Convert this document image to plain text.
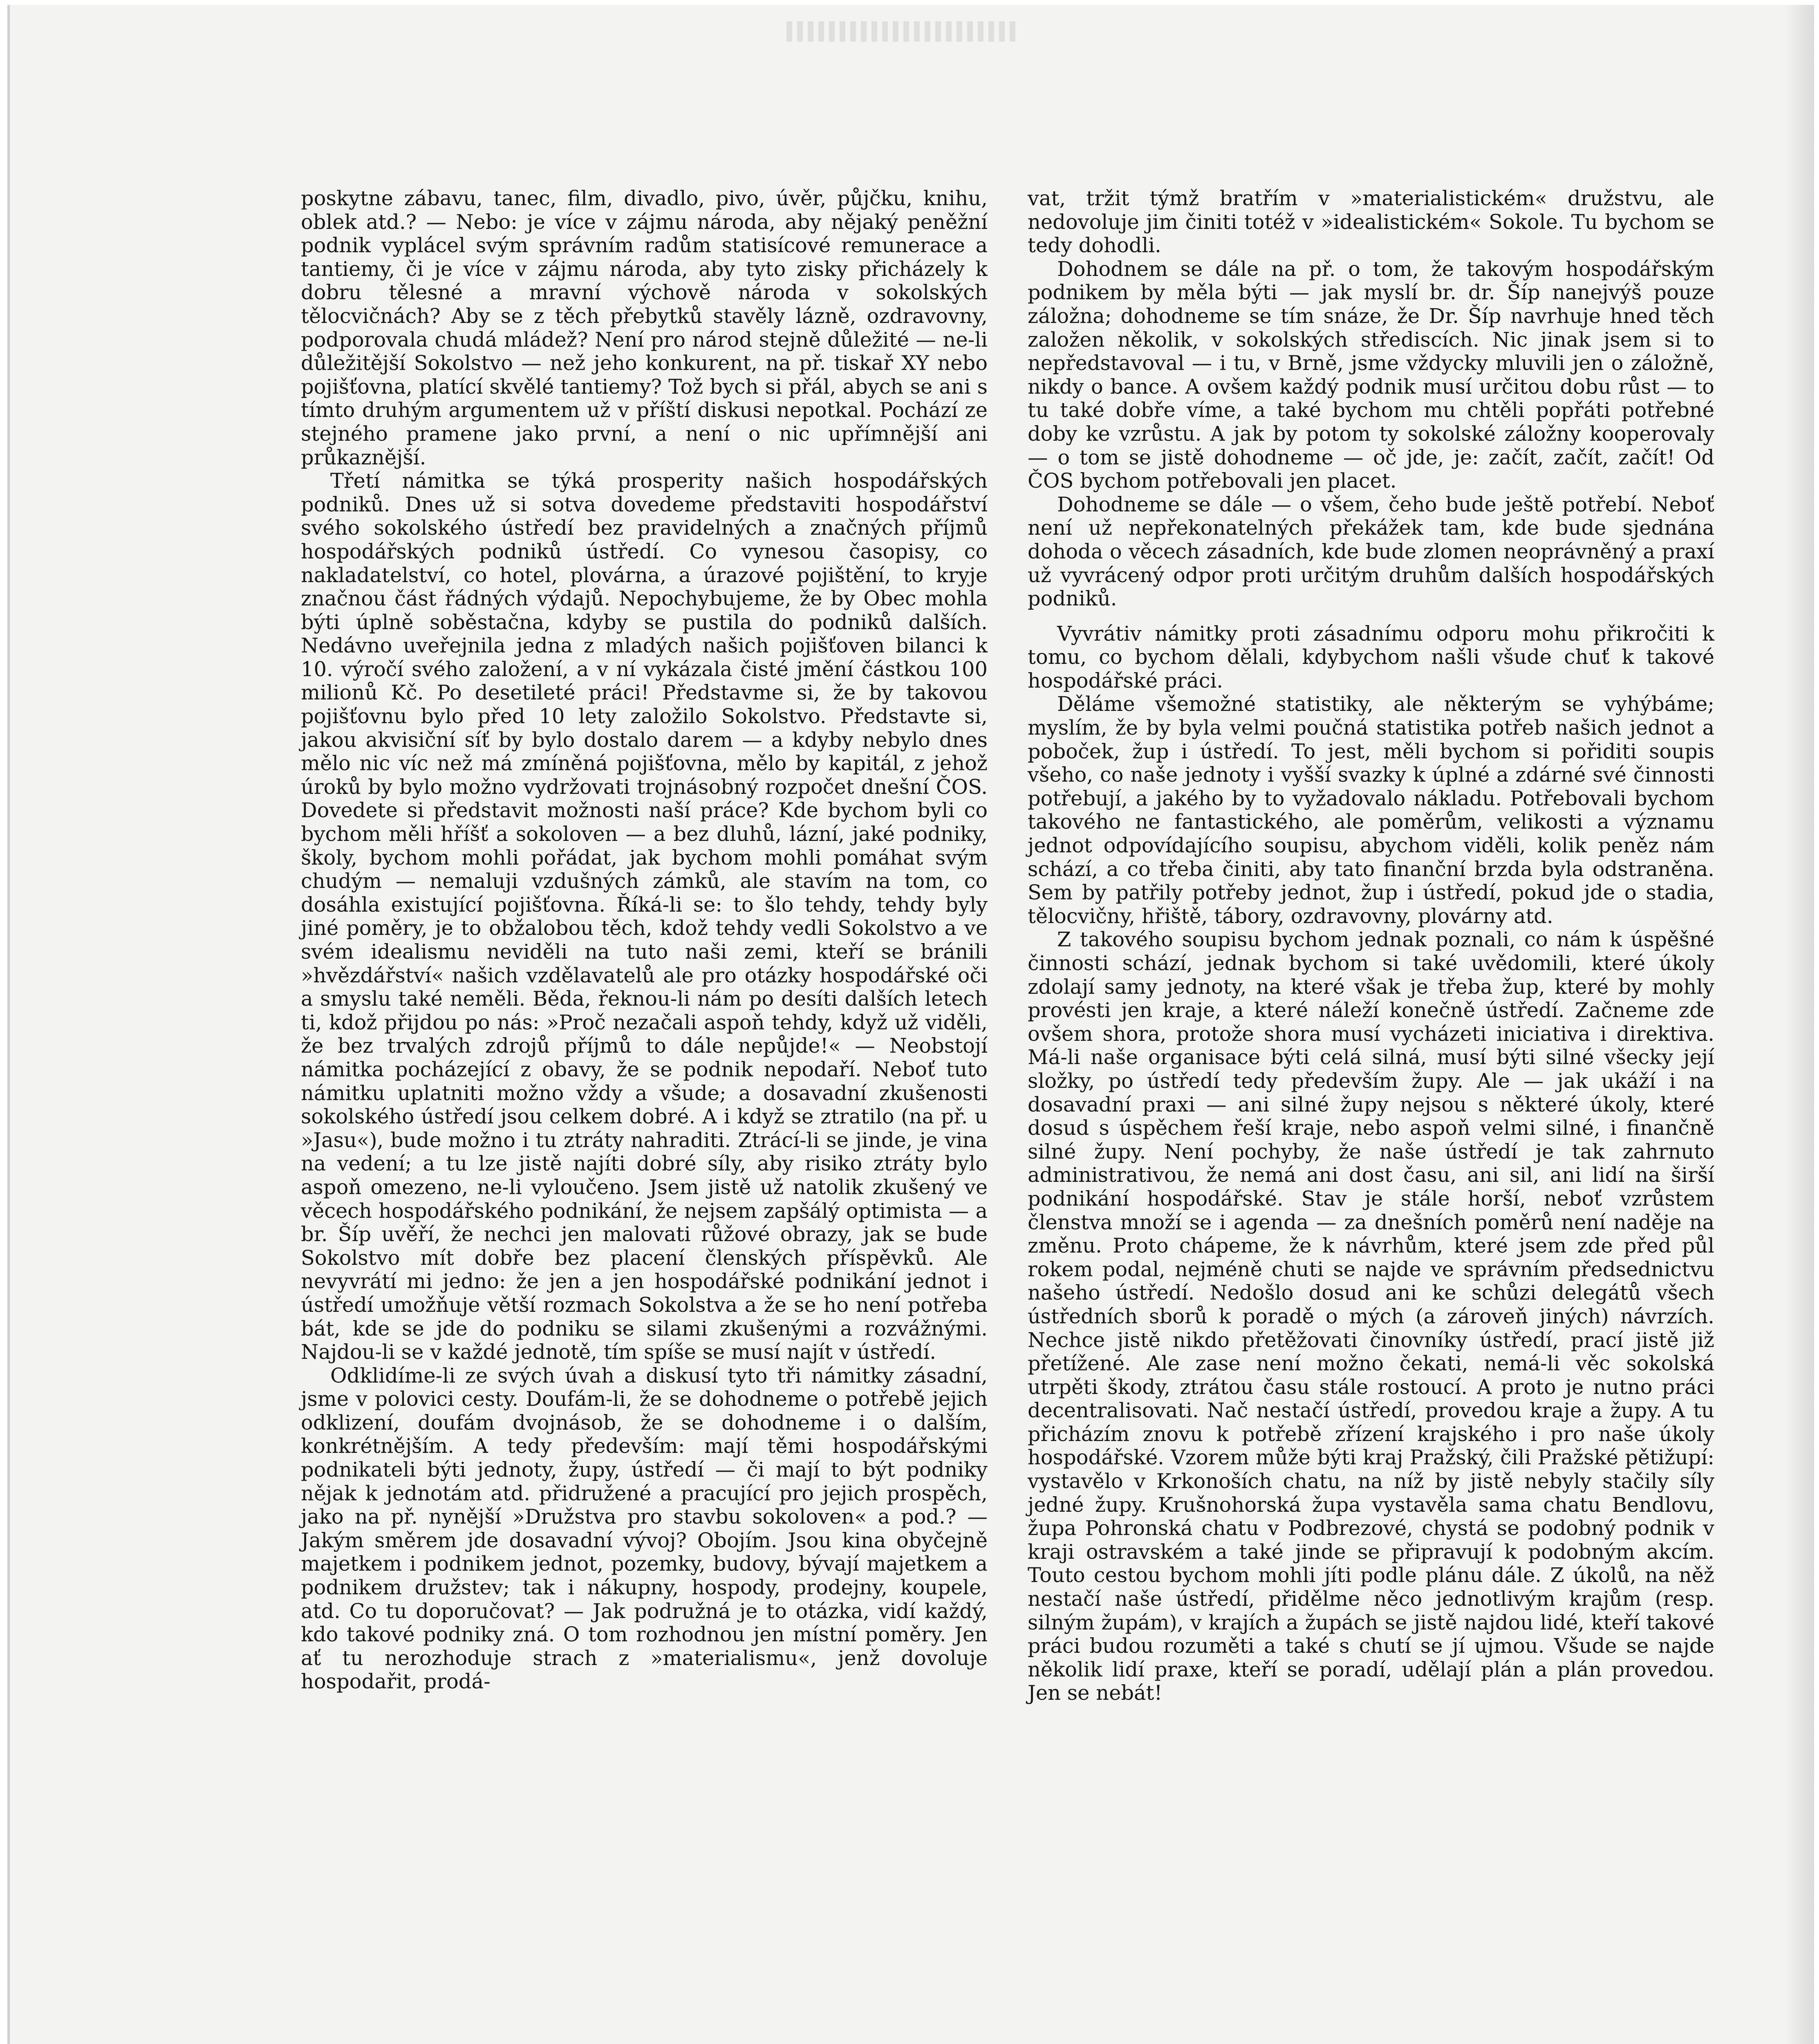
poskytne zábavu, tanec, film, divadlo, pivo, úvěr, půjčku, knihu, oblek atd.? — Nebo: je více v zájmu národa, aby nějaký peněžní podnik vyplácel svým správním radům statisícové remunerace a tantiemy, či je více v zájmu národa, aby tyto zisky přicházely k dobru tělesné a mravní výchově národa v sokolských tělocvičnách? Aby se z těch přebytků stavěly lázně, ozdravovny, podporovala chudá mládež? Není pro národ stejně důležité — ne-li důležitější Sokolstvo — než jeho konkurent, na př. tiskař XY nebo pojišťovna, platící skvělé tantiemy? Tož bych si přál, abych se ani s tímto druhým argumentem už v příští diskusi nepotkal. Pochází ze stejného pramene jako první, a není o nic upřímnější ani průkaznější.

Třetí námitka se týká prosperity našich hospodářských podniků. Dnes už si sotva dovedeme představiti hospodářství svého sokolského ústředí bez pravidelných a značných příjmů hospodářských podniků ústředí. Co vynesou časopisy, co nakladatelství, co hotel, plovárna, a úrazové pojištění, to kryje značnou část řádných výdajů. Nepochybujeme, že by Obec mohla býti úplně soběstačna, kdyby se pustila do podniků dalších. Nedávno uveřejnila jedna z mladých našich pojišťoven bilanci k 10. výročí svého založení, a v ní vykázala čisté jmění částkou 100 milionů Kč. Po desetileté práci! Představme si, že by takovou pojišťovnu bylo před 10 lety založilo Sokolstvo. Představte si, jakou akvisiční síť by bylo dostalo darem — a kdyby nebylo dnes mělo nic víc než má zmíněná pojišťovna, mělo by kapitál, z jehož úroků by bylo možno vydržovati trojnásobný rozpočet dnešní ČOS. Dovedete si představit možnosti naší práce? Kde bychom byli co bychom měli hříšť a sokoloven — a bez dluhů, lázní, jaké podniky, školy, bychom mohli pořádat, jak bychom mohli pomáhat svým chudým — nemaluji vzdušných zámků, ale stavím na tom, co dosáhla existující pojišťovna. Říká-li se: to šlo tehdy, tehdy byly jiné poměry, je to obžalobou těch, kdož tehdy vedli Sokolstvo a ve svém idealismu neviděli na tuto naši zemi, kteří se bránili »hvězdářství« našich vzdělavatelů ale pro otázky hospodářské oči a smyslu také neměli. Běda, řeknou-li nám po desíti dalších letech ti, kdož přijdou po nás: »Proč nezačali aspoň tehdy, když už viděli, že bez trvalých zdrojů příjmů to dále nepůjde!« — Neobstojí námitka pocházející z obavy, že se podnik nepodaří. Neboť tuto námitku uplatniti možno vždy a všude; a dosavadní zkušenosti sokolského ústředí jsou celkem dobré. A i když se ztratilo (na př. u »Jasu«), bude možno i tu ztráty nahraditi. Ztrácí-li se jinde, je vina na vedení; a tu lze jistě najíti dobré síly, aby risiko ztráty bylo aspoň omezeno, ne-li vyloučeno. Jsem jistě už natolik zkušený ve věcech hospodářského podnikání, že nejsem zapšálý optimista — a br. Šíp uvěří, že nechci jen malovati růžové obrazy, jak se bude Sokolstvo mít dobře bez placení členských příspěvků. Ale nevyvrátí mi jedno: že jen a jen hospodářské podnikání jednot i ústředí umožňuje větší rozmach Sokolstva a že se ho není potřeba bát, kde se jde do podniku se silami zkušenými a rozvážnými. Najdou-li se v každé jednotě, tím spíše se musí najít v ústředí.

Odklidíme-li ze svých úvah a diskusí tyto tři námitky zásadní, jsme v polovici cesty. Doufám-li, že se dohodneme o potřebě jejich odklizení, doufám dvojnásob, že se dohodneme i o dalším, konkrétnějším. A tedy především: mají těmi hospodářskými podnikateli býti jednoty, župy, ústředí — či mají to být podniky nějak k jednotám atd. přidružené a pracující pro jejich prospěch, jako na př. nynější »Družstva pro stavbu sokoloven« a pod.? — Jakým směrem jde dosavadní vývoj? Obojím. Jsou kina obyčejně majetkem i podnikem jednot, pozemky, budovy, bývají majetkem a podnikem družstev; tak i nákupny, hospody, prodejny, koupele, atd. Co tu doporučovat? — Jak podružná je to otázka, vidí každý, kdo takové podniky zná. O tom rozhodnou jen místní poměry. Jen ať tu nerozhoduje strach z »materialismu«, jenž dovoluje hospodařit, prodá-

vat, tržit týmž bratřím v »materialistickém« družstvu, ale nedovoluje jim činiti totéž v »idealistickém« Sokole. Tu bychom se tedy dohodli.

Dohodnem se dále na př. o tom, že takovým hospodářským podnikem by měla býti — jak myslí br. dr. Šíp nanejvýš pouze záložna; dohodneme se tím snáze, že Dr. Šíp navrhuje hned těch založen několik, v sokolských střediscích. Nic jinak jsem si to nepředstavoval — i tu, v Brně, jsme vždycky mluvili jen o záložně, nikdy o bance. A ovšem každý podnik musí určitou dobu růst — to tu také dobře víme, a také bychom mu chtěli popřáti potřebné doby ke vzrůstu. A jak by potom ty sokolské záložny kooperovaly — o tom se jistě dohodneme — oč jde, je: začít, začít, začít! Od ČOS bychom potřebovali jen placet.

Dohodneme se dále — o všem, čeho bude ještě potřebí. Neboť není už nepřekonatelných překážek tam, kde bude sjednána dohoda o věcech zásadních, kde bude zlomen neoprávněný a praxí už vyvrácený odpor proti určitým druhům dalších hospodářských podniků.

Vyvrátiv námitky proti zásadnímu odporu mohu přikročiti k tomu, co bychom dělali, kdybychom našli všude chuť k takové hospodářské práci.

Děláme všemožné statistiky, ale některým se vyhýbáme; myslím, že by byla velmi poučná statistika potřeb našich jednot a poboček, žup i ústředí. To jest, měli bychom si pořiditi soupis všeho, co naše jednoty i vyšší svazky k úplné a zdárné své činnosti potřebují, a jakého by to vyžadovalo nákladu. Potřebovali bychom takového ne fantastického, ale poměrům, velikosti a významu jednot odpovídajícího soupisu, abychom viděli, kolik peněz nám schází, a co třeba činiti, aby tato finanční brzda byla odstraněna. Sem by patřily potřeby jednot, žup i ústředí, pokud jde o stadia, tělocvičny, hřiště, tábory, ozdravovny, plovárny atd.

Z takového soupisu bychom jednak poznali, co nám k úspěšné činnosti schází, jednak bychom si také uvědomili, které úkoly zdolají samy jednoty, na které však je třeba žup, které by mohly provésti jen kraje, a které náleží konečně ústředí. Začneme zde ovšem shora, protože shora musí vycházeti iniciativa i direktiva. Má-li naše organisace býti celá silná, musí býti silné všecky její složky, po ústředí tedy především župy. Ale — jak ukáží i na dosavadní praxi — ani silné župy nejsou s některé úkoly, které dosud s úspěchem řeší kraje, nebo aspoň velmi silné, i finančně silné župy. Není pochyby, že naše ústředí je tak zahrnuto administrativou, že nemá ani dost času, ani sil, ani lidí na širší podnikání hospodářské. Stav je stále horší, neboť vzrůstem členstva množí se i agenda — za dnešních poměrů není naděje na změnu. Proto chápeme, že k návrhům, které jsem zde před půl rokem podal, nejméně chuti se najde ve správním předsednictvu našeho ústředí. Nedošlo dosud ani ke schůzi delegátů všech ústředních sborů k poradě o mých (a zároveň jiných) návrzích. Nechce jistě nikdo přetěžovati činovníky ústředí, prací jistě již přetížené. Ale zase není možno čekati, nemá-li věc sokolská utrpěti škody, ztrátou času stále rostoucí. A proto je nutno práci decentralisovati. Nač nestačí ústředí, provedou kraje a župy. A tu přicházím znovu k potřebě zřízení krajského i pro naše úkoly hospodářské. Vzorem může býti kraj Pražský, čili Pražské pětižupí: vystavělo v Krkonoších chatu, na níž by jistě nebyly stačily síly jedné župy. Krušnohorská župa vystavěla sama chatu Bendlovu, župa Pohronská chatu v Podbrezové, chystá se podobný podnik v kraji ostravském a také jinde se připravují k podobným akcím. Touto cestou bychom mohli jíti podle plánu dále. Z úkolů, na něž nestačí naše ústředí, přidělme něco jednotlivým krajům (resp. silným župám), v krajích a župách se jistě najdou lidé, kteří takové práci budou rozuměti a také s chutí se jí ujmou. Všude se najde několik lidí praxe, kteří se poradí, udělají plán a plán provedou. Jen se nebát!
